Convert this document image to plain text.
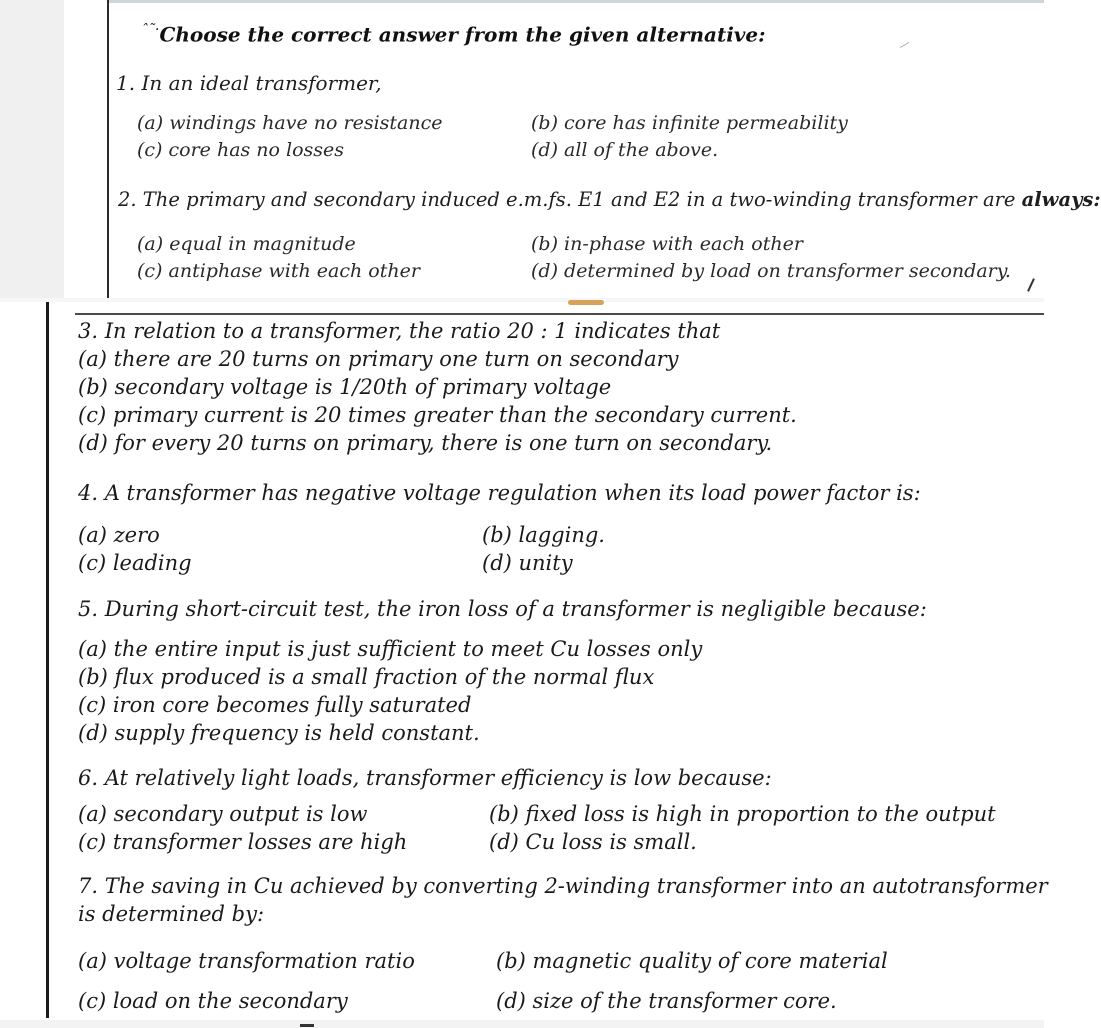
$^{ˆ˜\cdot}$Choose the correct answer from the given alternative:
1. In an ideal transformer,
(a) windings have no resistance	(b) core has infinite permeability
(c) core has no losses	(d) all of the above.
2. The primary and secondary induced e.m.fs. E1 and E2 in a two-winding transformer are always:
(a) equal in magnitude	(b) in-phase with each other
(c) antiphase with each other	(d) determined by load on transformer secondary.
3. In relation to a transformer, the ratio 20 : 1 indicates that
(a) there are 20 turns on primary one turn on secondary
(b) secondary voltage is 1/20th of primary voltage
(c) primary current is 20 times greater than the secondary current.
(d) for every 20 turns on primary, there is one turn on secondary.
4. A transformer has negative voltage regulation when its load power factor is:
(a) zero	(b) lagging.
(c) leading	(d) unity
5. During short-circuit test, the iron loss of a transformer is negligible because:
(a) the entire input is just sufficient to meet Cu losses only
(b) flux produced is a small fraction of the normal flux
(c) iron core becomes fully saturated
(d) supply frequency is held constant.
6. At relatively light loads, transformer efficiency is low because:
(a) secondary output is low	(b) fixed loss is high in proportion to the output
(c) transformer losses are high	(d) Cu loss is small.
7. The saving in Cu achieved by converting 2-winding transformer into an autotransformer
is determined by:
(a) voltage transformation ratio	(b) magnetic quality of core material
(c) load on the secondary	(d) size of the transformer core.
